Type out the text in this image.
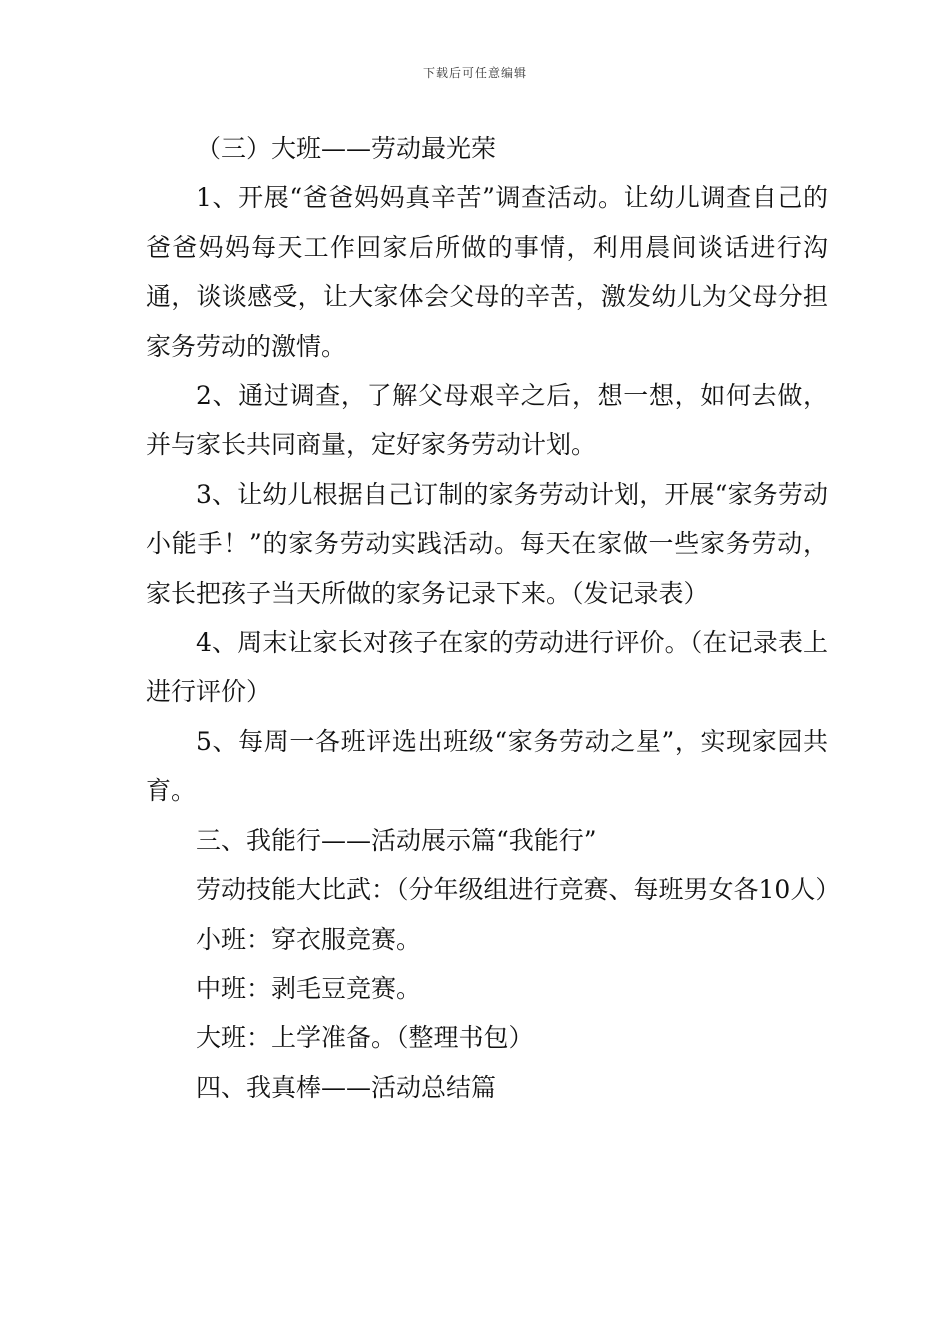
下载后可任意编辑

（三）大班——劳动最光荣

1、开展“爸爸妈妈真辛苦”调查活动。让幼儿调查自己的爸爸妈妈每天工作回家后所做的事情，利用晨间谈话进行沟通，谈谈感受，让大家体会父母的辛苦，激发幼儿为父母分担家务劳动的激情。

2、通过调查，了解父母艰辛之后，想一想，如何去做，并与家长共同商量，定好家务劳动计划。

3、让幼儿根据自己订制的家务劳动计划，开展“家务劳动小能手！”的家务劳动实践活动。每天在家做一些家务劳动，家长把孩子当天所做的家务记录下来。（发记录表）

4、周末让家长对孩子在家的劳动进行评价。（在记录表上进行评价）

5、每周一各班评选出班级“家务劳动之星”，实现家园共育。

三、我能行——活动展示篇“我能行”

劳动技能大比武：（分年级组进行竞赛、每班男女各10人）

小班：穿衣服竞赛。

中班：剥毛豆竞赛。

大班：上学准备。（整理书包）

四、我真棒——活动总结篇
